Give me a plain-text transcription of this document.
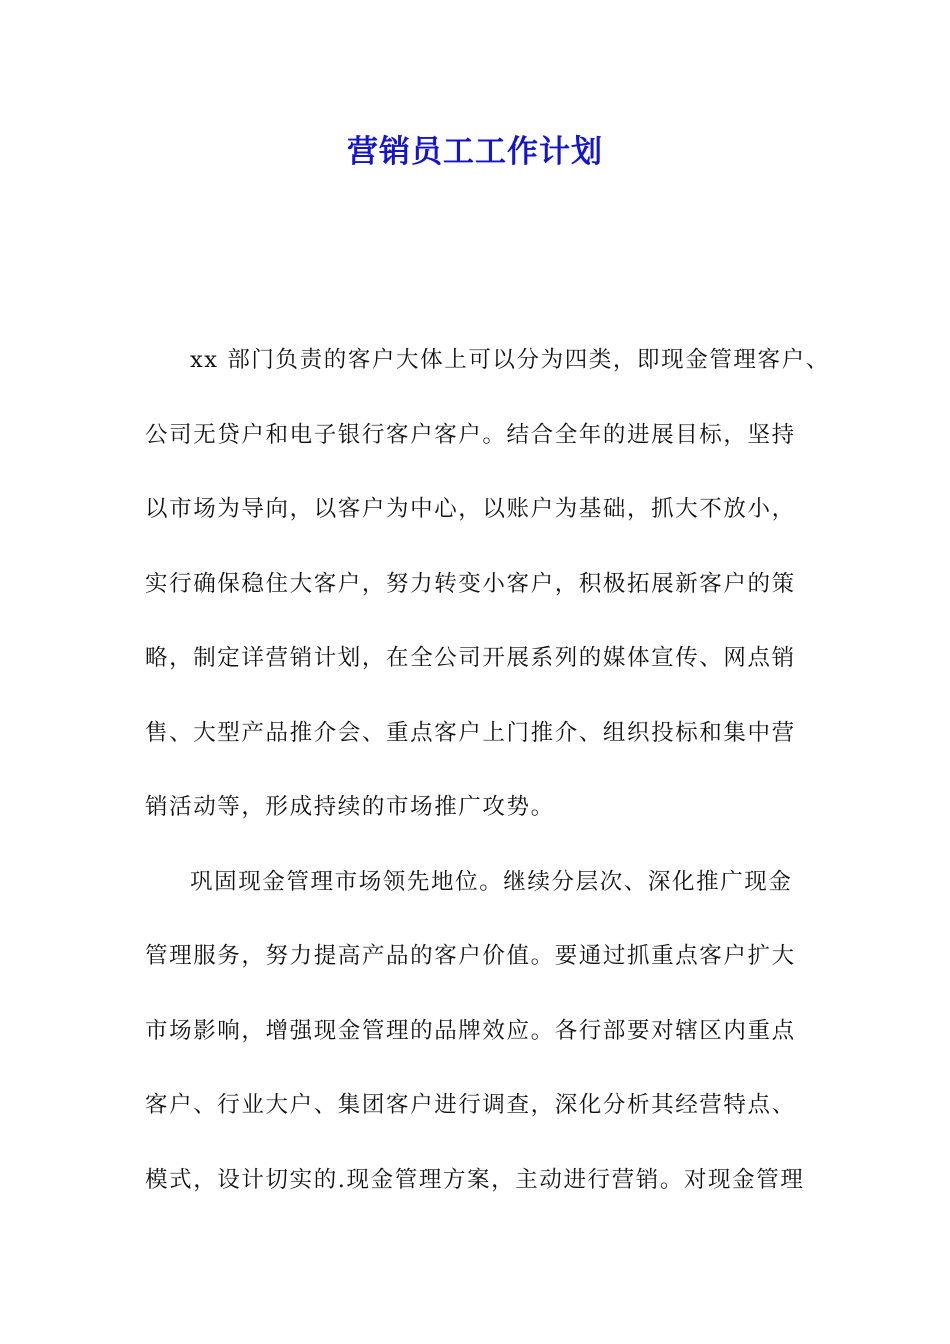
营销员工工作计划
xx 部门负责的客户大体上可以分为四类，即现金管理客户、
公司无贷户和电子银行客户客户。结合全年的进展目标，坚持
以市场为导向，以客户为中心，以账户为基础，抓大不放小，
实行确保稳住大客户，努力转变小客户，积极拓展新客户的策
略，制定详营销计划，在全公司开展系列的媒体宣传、网点销
售、大型产品推介会、重点客户上门推介、组织投标和集中营
销活动等，形成持续的市场推广攻势。
巩固现金管理市场领先地位。继续分层次、深化推广现金
管理服务，努力提高产品的客户价值。要通过抓重点客户扩大
市场影响，增强现金管理的品牌效应。各行部要对辖区内重点
客户、行业大户、集团客户进行调查，深化分析其经营特点、
模式，设计切实的.现金管理方案，主动进行营销。对现金管理
